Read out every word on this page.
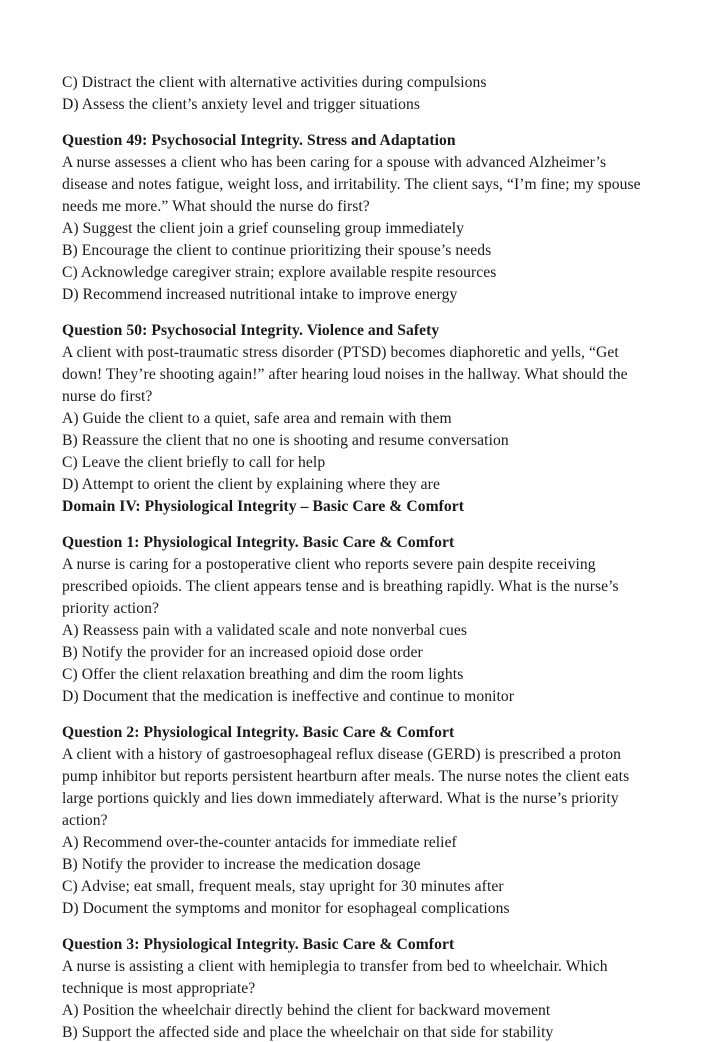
C) Distract the client with alternative activities during compulsions

D) Assess the client’s anxiety level and trigger situations

Question 49: Psychosocial Integrity. Stress and Adaptation

A nurse assesses a client who has been caring for a spouse with advanced Alzheimer’s disease and notes fatigue, weight loss, and irritability. The client says, “I’m fine; my spouse needs me more.” What should the nurse do first?

A) Suggest the client join a grief counseling group immediately

B) Encourage the client to continue prioritizing their spouse’s needs

C) Acknowledge caregiver strain; explore available respite resources

D) Recommend increased nutritional intake to improve energy

Question 50: Psychosocial Integrity. Violence and Safety

A client with post-traumatic stress disorder (PTSD) becomes diaphoretic and yells, “Get down! They’re shooting again!” after hearing loud noises in the hallway. What should the nurse do first?

A) Guide the client to a quiet, safe area and remain with them

B) Reassure the client that no one is shooting and resume conversation

C) Leave the client briefly to call for help

D) Attempt to orient the client by explaining where they are

Domain IV: Physiological Integrity – Basic Care & Comfort

Question 1: Physiological Integrity. Basic Care & Comfort

A nurse is caring for a postoperative client who reports severe pain despite receiving prescribed opioids. The client appears tense and is breathing rapidly. What is the nurse’s priority action?

A) Reassess pain with a validated scale and note nonverbal cues

B) Notify the provider for an increased opioid dose order

C) Offer the client relaxation breathing and dim the room lights

D) Document that the medication is ineffective and continue to monitor

Question 2: Physiological Integrity. Basic Care & Comfort

A client with a history of gastroesophageal reflux disease (GERD) is prescribed a proton pump inhibitor but reports persistent heartburn after meals. The nurse notes the client eats large portions quickly and lies down immediately afterward. What is the nurse’s priority action?

A) Recommend over-the-counter antacids for immediate relief

B) Notify the provider to increase the medication dosage

C) Advise; eat small, frequent meals, stay upright for 30 minutes after

D) Document the symptoms and monitor for esophageal complications

Question 3: Physiological Integrity. Basic Care & Comfort

A nurse is assisting a client with hemiplegia to transfer from bed to wheelchair. Which technique is most appropriate?

A) Position the wheelchair directly behind the client for backward movement

B) Support the affected side and place the wheelchair on that side for stability
